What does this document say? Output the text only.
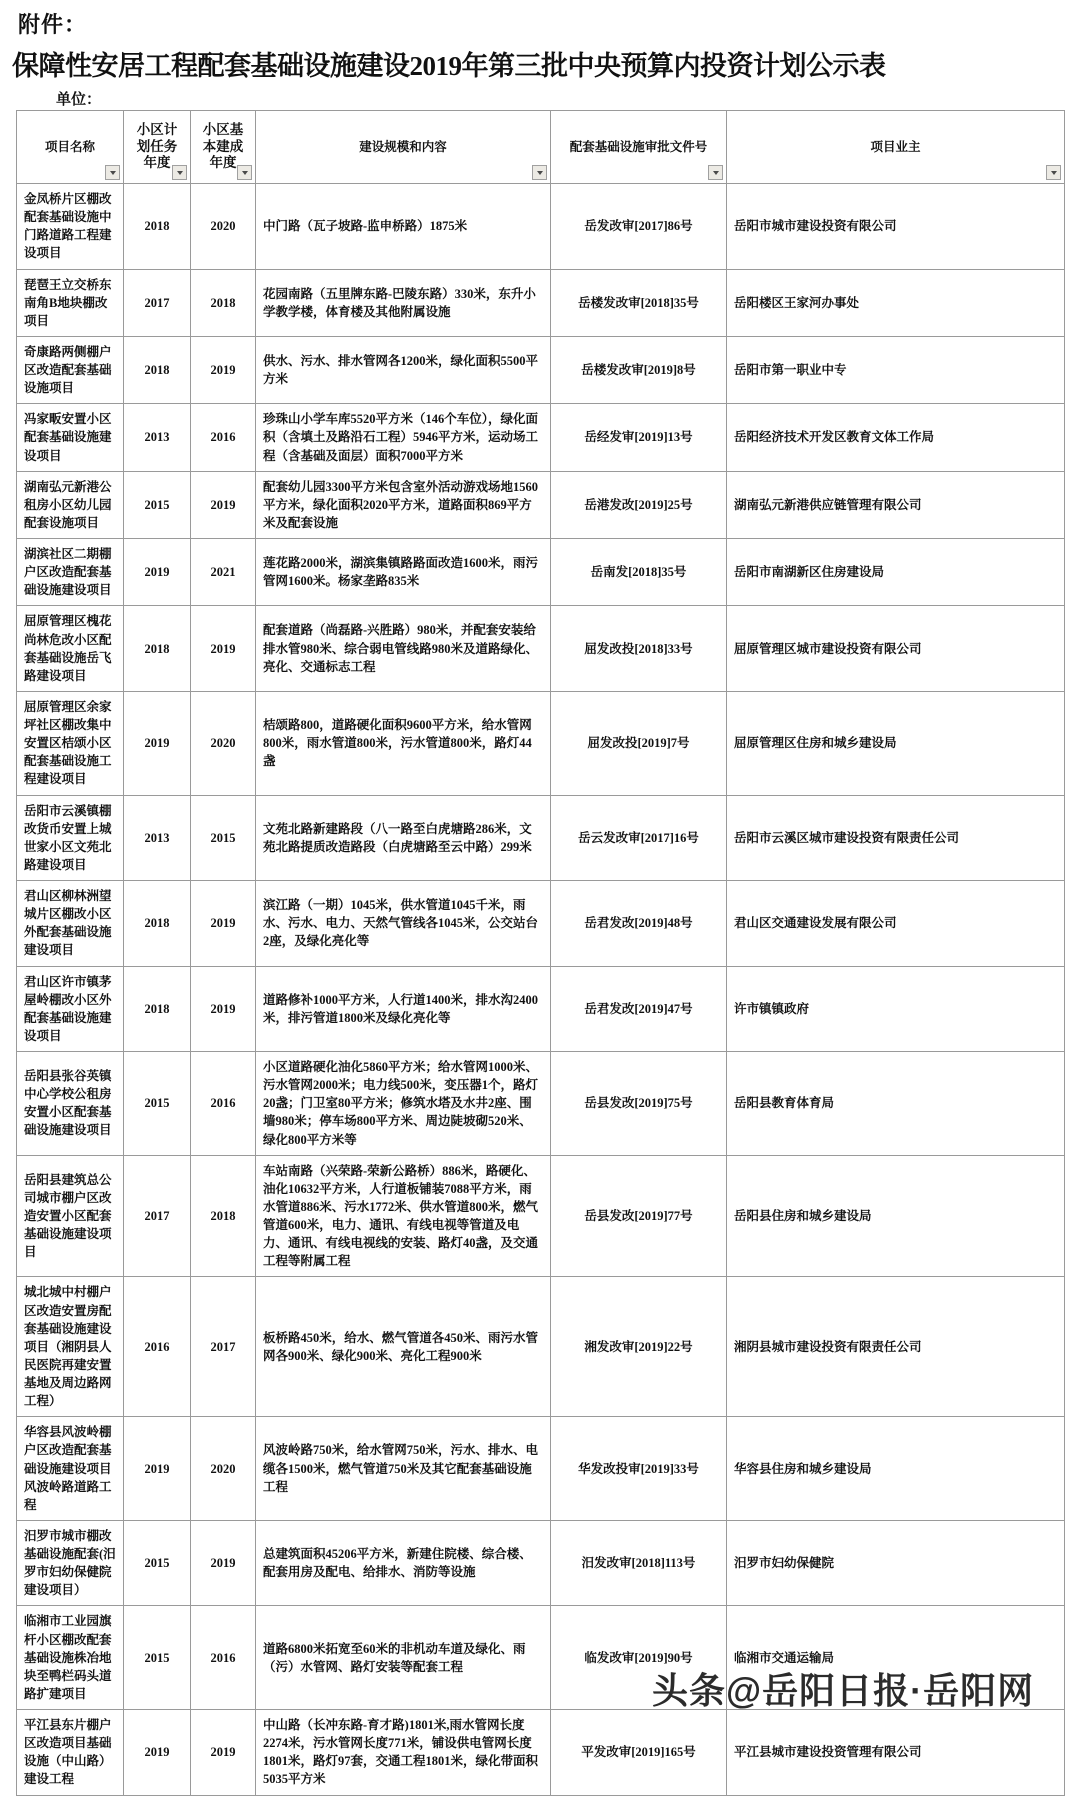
附件：
保障性安居工程配套基础设施建设2019年第三批中央预算内投资计划公示表
单位：
项目名称	小区计划任务年度	小区基本建成年度	建设规模和内容	配套基础设施审批文件号	项目业主

金凤桥片区棚改配套基础设施中门路道路工程建设项目	2018	2020	中门路（瓦子坡路-监申桥路）1875米	岳发改审[2017]86号	岳阳市城市建设投资有限公司
琵琶王立交桥东南角B地块棚改项目	2017	2018	花园南路（五里牌东路-巴陵东路）330米，东升小学教学楼，体育楼及其他附属设施	岳楼发改审[2018]35号	岳阳楼区王家河办事处
奇康路两侧棚户区改造配套基础设施项目	2018	2019	供水、污水、排水管网各1200米，绿化面积5500平方米	岳楼发改审[2019]8号	岳阳市第一职业中专
冯家畈安置小区配套基础设施建设项目	2013	2016	珍珠山小学车库5520平方米（146个车位），绿化面积（含填土及路沿石工程）5946平方米，运动场工程（含基础及面层）面积7000平方米	岳经发审[2019]13号	岳阳经济技术开发区教育文体工作局
湖南弘元新港公租房小区幼儿园配套设施项目	2015	2019	配套幼儿园3300平方米包含室外活动游戏场地1560平方米，绿化面积2020平方米，道路面积869平方米及配套设施	岳港发改[2019]25号	湖南弘元新港供应链管理有限公司
湖滨社区二期棚户区改造配套基础设施建设项目	2019	2021	莲花路2000米，湖滨集镇路路面改造1600米，雨污管网1600米。杨家垄路835米	岳南发[2018]35号	岳阳市南湖新区住房建设局
屈原管理区槐花尚林危改小区配套基础设施岳飞路建设项目	2018	2019	配套道路（尚磊路-兴胜路）980米，并配套安装给排水管980米、综合弱电管线路980米及道路绿化、亮化、交通标志工程	屈发改投[2018]33号	屈原管理区城市建设投资有限公司
屈原管理区余家坪社区棚改集中安置区桔颂小区配套基础设施工程建设项目	2019	2020	桔颂路800，道路硬化面积9600平方米，给水管网800米，雨水管道800米，污水管道800米，路灯44盏	屈发改投[2019]7号	屈原管理区住房和城乡建设局
岳阳市云溪镇棚改货币安置上城世家小区文苑北路建设项目	2013	2015	文苑北路新建路段（八一路至白虎塘路286米，文苑北路提质改造路段（白虎塘路至云中路）299米	岳云发改审[2017]16号	岳阳市云溪区城市建设投资有限责任公司
君山区柳林洲望城片区棚改小区外配套基础设施建设项目	2018	2019	滨江路（一期）1045米，供水管道1045千米，雨水、污水、电力、天然气管线各1045米，公交站台2座，及绿化亮化等	岳君发改[2019]48号	君山区交通建设发展有限公司
君山区许市镇茅屋岭棚改小区外配套基础设施建设项目	2018	2019	道路修补1000平方米，人行道1400米，排水沟2400米，排污管道1800米及绿化亮化等	岳君发改[2019]47号	许市镇镇政府
岳阳县张谷英镇中心学校公租房安置小区配套基础设施建设项目	2015	2016	小区道路硬化油化5860平方米；给水管网1000米、污水管网2000米；电力线500米，变压器1个，路灯20盏；门卫室80平方米；修筑水塔及水井2座、围墙980米；停车场800平方米、周边陡坡砌520米、绿化800平方米等	岳县发改[2019]75号	岳阳县教育体育局
岳阳县建筑总公司城市棚户区改造安置小区配套基础设施建设项目	2017	2018	车站南路（兴荣路-荣新公路桥）886米，路硬化、油化10632平方米，人行道板铺装7088平方米，雨水管道886米、污水1772米、供水管道800米，燃气管道600米，电力、通讯、有线电视等管道及电力、通讯、有线电视线的安装、路灯40盏，及交通工程等附属工程	岳县发改[2019]77号	岳阳县住房和城乡建设局
城北城中村棚户区改造安置房配套基础设施建设项目（湘阴县人民医院再建安置基地及周边路网工程）	2016	2017	板桥路450米，给水、燃气管道各450米、雨污水管网各900米、绿化900米、亮化工程900米	湘发改审[2019]22号	湘阴县城市建设投资有限责任公司
华容县风波岭棚户区改造配套基础设施建设项目风波岭路道路工程	2019	2020	风波岭路750米，给水管网750米，污水、排水、电缆各1500米，燃气管道750米及其它配套基础设施工程	华发改投审[2019]33号	华容县住房和城乡建设局
汨罗市城市棚改基础设施配套(汨罗市妇幼保健院建设项目）	2015	2019	总建筑面积45206平方米，新建住院楼、综合楼、配套用房及配电、给排水、消防等设施	汨发改审[2018]113号	汨罗市妇幼保健院
临湘市工业园旗杆小区棚改配套基础设施株冶地块至鸭栏码头道路扩建项目	2015	2016	道路6800米拓宽至60米的非机动车道及绿化、雨（污）水管网、路灯安装等配套工程	临发改审[2019]90号	临湘市交通运输局
平江县东片棚户区改造项目基础设施（中山路）建设工程	2019	2019	中山路（长冲东路-育才路)1801米,雨水管网长度2274米，污水管网长度771米，铺设供电管网长度1801米，路灯97套，交通工程1801米，绿化带面积5035平方米	平发改审[2019]165号	平江县城市建设投资管理有限公司
头条@岳阳日报·岳阳网
